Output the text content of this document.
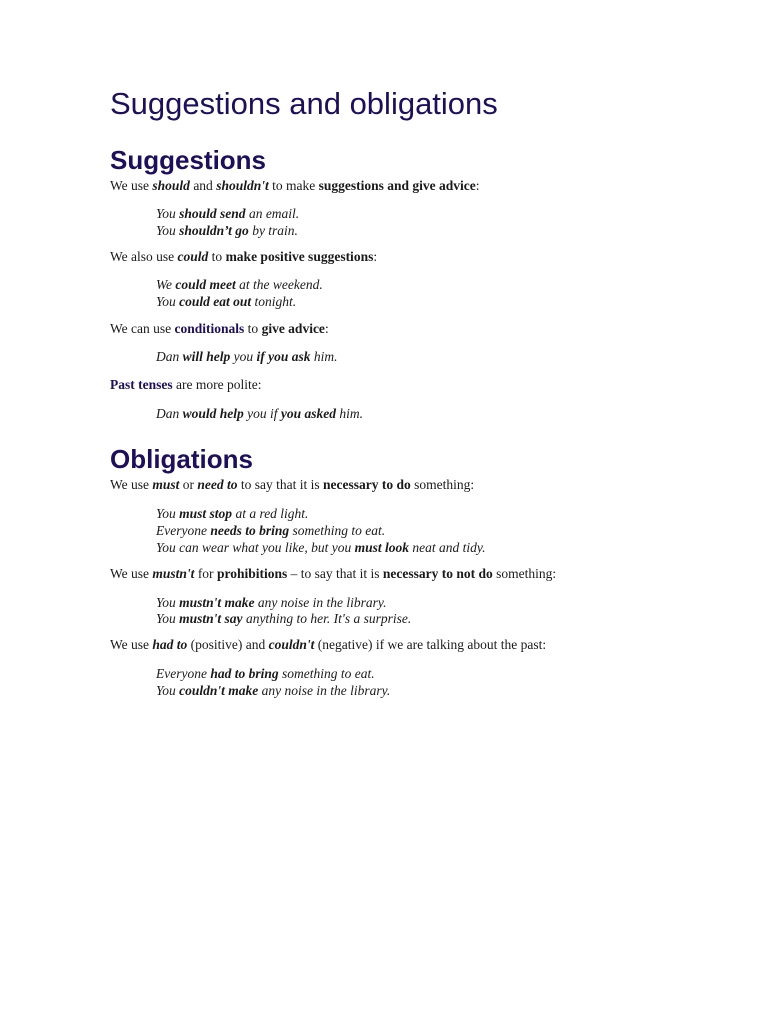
Suggestions and obligations
Suggestions

We use should and shouldn't to make suggestions and give advice:

You should send an email.

You shouldn’t go by train.

We also use could to make positive suggestions:

We could meet at the weekend.

You could eat out tonight.

We can use conditionals to give advice:

Dan will help you if you ask him.

Past tenses are more polite:

Dan would help you if you asked him.

Obligations

We use must or need to to say that it is necessary to do something:

You must stop at a red light.

Everyone needs to bring something to eat.

You can wear what you like, but you must look neat and tidy.

We use mustn't for prohibitions – to say that it is necessary to not do something:

You mustn't make any noise in the library.

You mustn't say anything to her. It's a surprise.

We use had to (positive) and couldn't (negative) if we are talking about the past:

Everyone had to bring something to eat.

You couldn't make any noise in the library.
